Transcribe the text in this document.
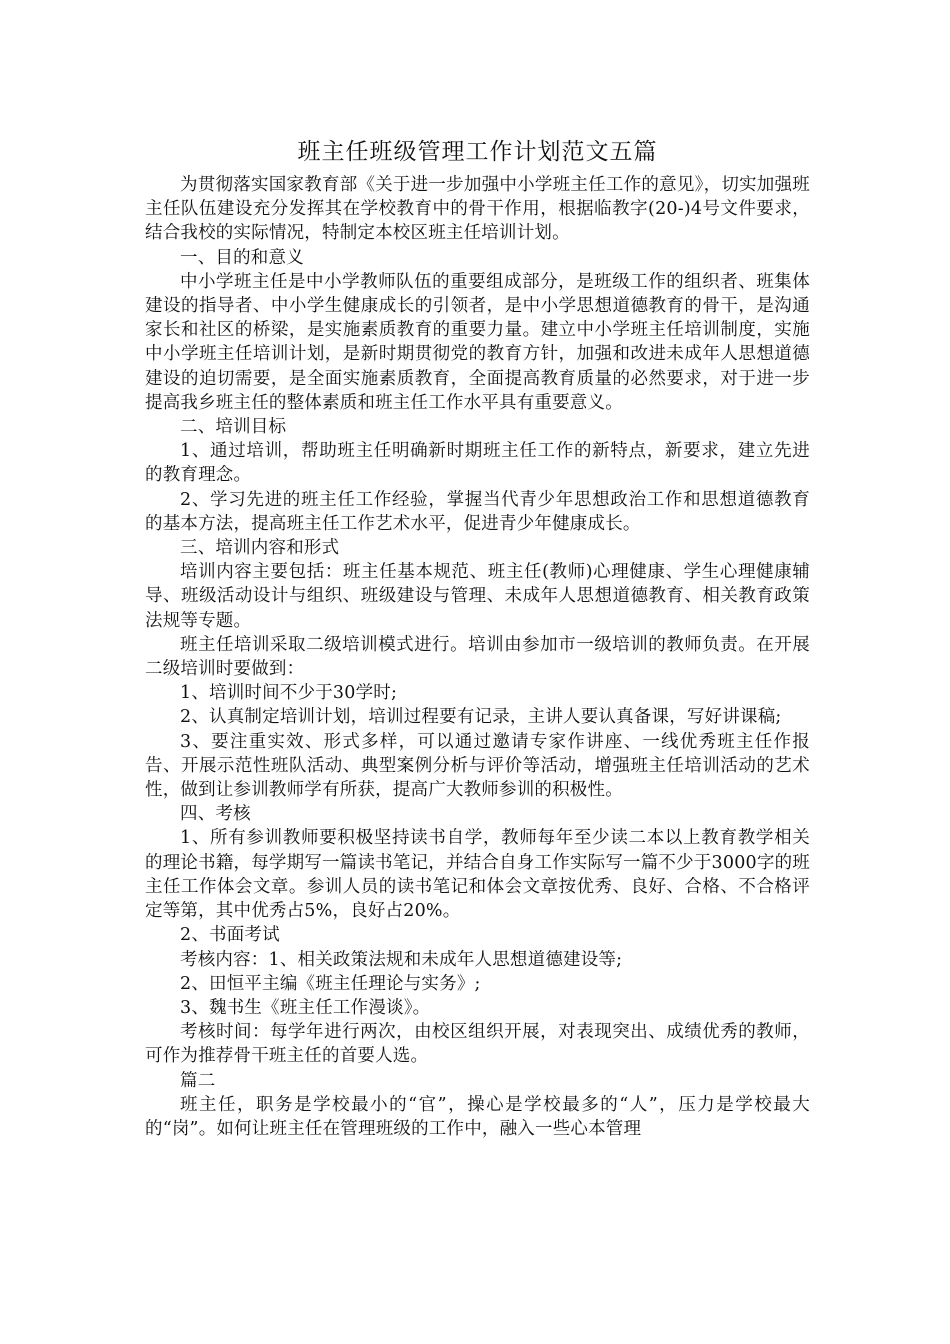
班主任班级管理工作计划范文五篇

为贯彻落实国家教育部《关于进一步加强中小学班主任工作的意见》，切实加强班主任队伍建设充分发挥其在学校教育中的骨干作用，根据临教字(20-)4号文件要求，结合我校的实际情况，特制定本校区班主任培训计划。

一、目的和意义

中小学班主任是中小学教师队伍的重要组成部分，是班级工作的组织者、班集体建设的指导者、中小学生健康成长的引领者，是中小学思想道德教育的骨干，是沟通家长和社区的桥梁，是实施素质教育的重要力量。建立中小学班主任培训制度，实施中小学班主任培训计划，是新时期贯彻党的教育方针，加强和改进未成年人思想道德建设的迫切需要，是全面实施素质教育，全面提高教育质量的必然要求，对于进一步提高我乡班主任的整体素质和班主任工作水平具有重要意义。

二、培训目标

1、通过培训，帮助班主任明确新时期班主任工作的新特点，新要求，建立先进的教育理念。

2、学习先进的班主任工作经验，掌握当代青少年思想政治工作和思想道德教育的基本方法，提高班主任工作艺术水平，促进青少年健康成长。

三、培训内容和形式

培训内容主要包括：班主任基本规范、班主任(教师)心理健康、学生心理健康辅导、班级活动设计与组织、班级建设与管理、未成年人思想道德教育、相关教育政策法规等专题。

班主任培训采取二级培训模式进行。培训由参加市一级培训的教师负责。在开展二级培训时要做到：

1、培训时间不少于30学时;

2、认真制定培训计划，培训过程要有记录，主讲人要认真备课，写好讲课稿;

3、要注重实效、形式多样，可以通过邀请专家作讲座、一线优秀班主任作报告、开展示范性班队活动、典型案例分析与评价等活动，增强班主任培训活动的艺术性，做到让参训教师学有所获，提高广大教师参训的积极性。

四、考核

1、所有参训教师要积极坚持读书自学，教师每年至少读二本以上教育教学相关的理论书籍，每学期写一篇读书笔记，并结合自身工作实际写一篇不少于3000字的班主任工作体会文章。参训人员的读书笔记和体会文章按优秀、良好、合格、不合格评定等第，其中优秀占5%，良好占20%。

2、书面考试

考核内容：1、相关政策法规和未成年人思想道德建设等;

2、田恒平主编《班主任理论与实务》;

3、魏书生《班主任工作漫谈》。

考核时间：每学年进行两次，由校区组织开展，对表现突出、成绩优秀的教师，可作为推荐骨干班主任的首要人选。

篇二

班主任，职务是学校最小的“官”，操心是学校最多的“人”，压力是学校最大的“岗”。如何让班主任在管理班级的工作中，融入一些心本管理
